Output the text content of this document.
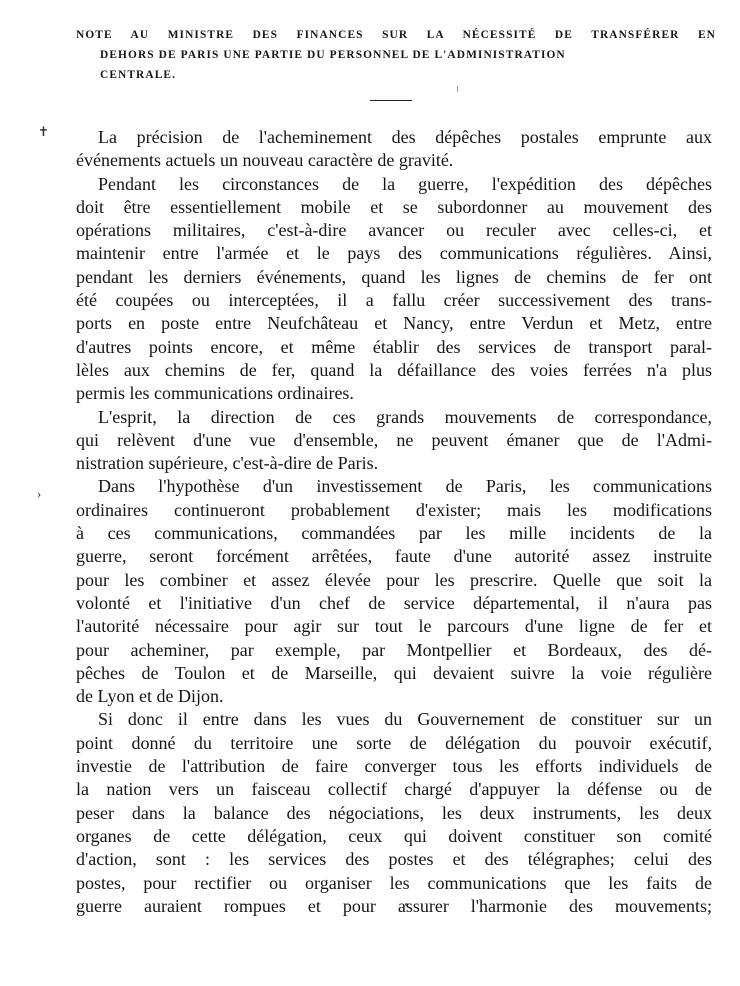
NOTE AU MINISTRE DES FINANCES SUR LA NÉCESSITÉ DE TRANSFÉRER EN
DEHORS DE PARIS UNE PARTIE DU PERSONNEL DE L'ADMINISTRATION
CENTRALE.
✝
›
La précision de l'acheminement des dépêches postales emprunte aux
événements actuels un nouveau caractère de gravité.
Pendant les circonstances de la guerre, l'expédition des dépêches
doit être essentiellement mobile et se subordonner au mouvement des
opérations militaires, c'est-à-dire avancer ou reculer avec celles-ci, et
maintenir entre l'armée et le pays des communications régulières. Ainsi,
pendant les derniers événements, quand les lignes de chemins de fer ont
été coupées ou interceptées, il a fallu créer successivement des trans-
ports en poste entre Neufchâteau et Nancy, entre Verdun et Metz, entre
d'autres points encore, et même établir des services de transport paral-
lèles aux chemins de fer, quand la défaillance des voies ferrées n'a plus
permis les communications ordinaires.
L'esprit, la direction de ces grands mouvements de correspondance,
qui relèvent d'une vue d'ensemble, ne peuvent émaner que de l'Admi-
nistration supérieure, c'est-à-dire de Paris.
Dans l'hypothèse d'un investissement de Paris, les communications
ordinaires continueront probablement d'exister; mais les modifications
à ces communications, commandées par les mille incidents de la
guerre, seront forcément arrêtées, faute d'une autorité assez instruite
pour les combiner et assez élevée pour les prescrire. Quelle que soit la
volonté et l'initiative d'un chef de service départemental, il n'aura pas
l'autorité nécessaire pour agir sur tout le parcours d'une ligne de fer et
pour acheminer, par exemple, par Montpellier et Bordeaux, des dé-
pêches de Toulon et de Marseille, qui devaient suivre la voie régulière
de Lyon et de Dijon.
Si donc il entre dans les vues du Gouvernement de constituer sur un
point donné du territoire une sorte de délégation du pouvoir exécutif,
investie de l'attribution de faire converger tous les efforts individuels de
la nation vers un faisceau collectif chargé d'appuyer la défense ou de
peser dans la balance des négociations, les deux instruments, les deux
organes de cette délégation, ceux qui doivent constituer son comité
d'action, sont : les services des postes et des télégraphes; celui des
postes, pour rectifier ou organiser les communications que les faits de
guerre auraient rompues et pour assurer l'harmonie des mouvements;
